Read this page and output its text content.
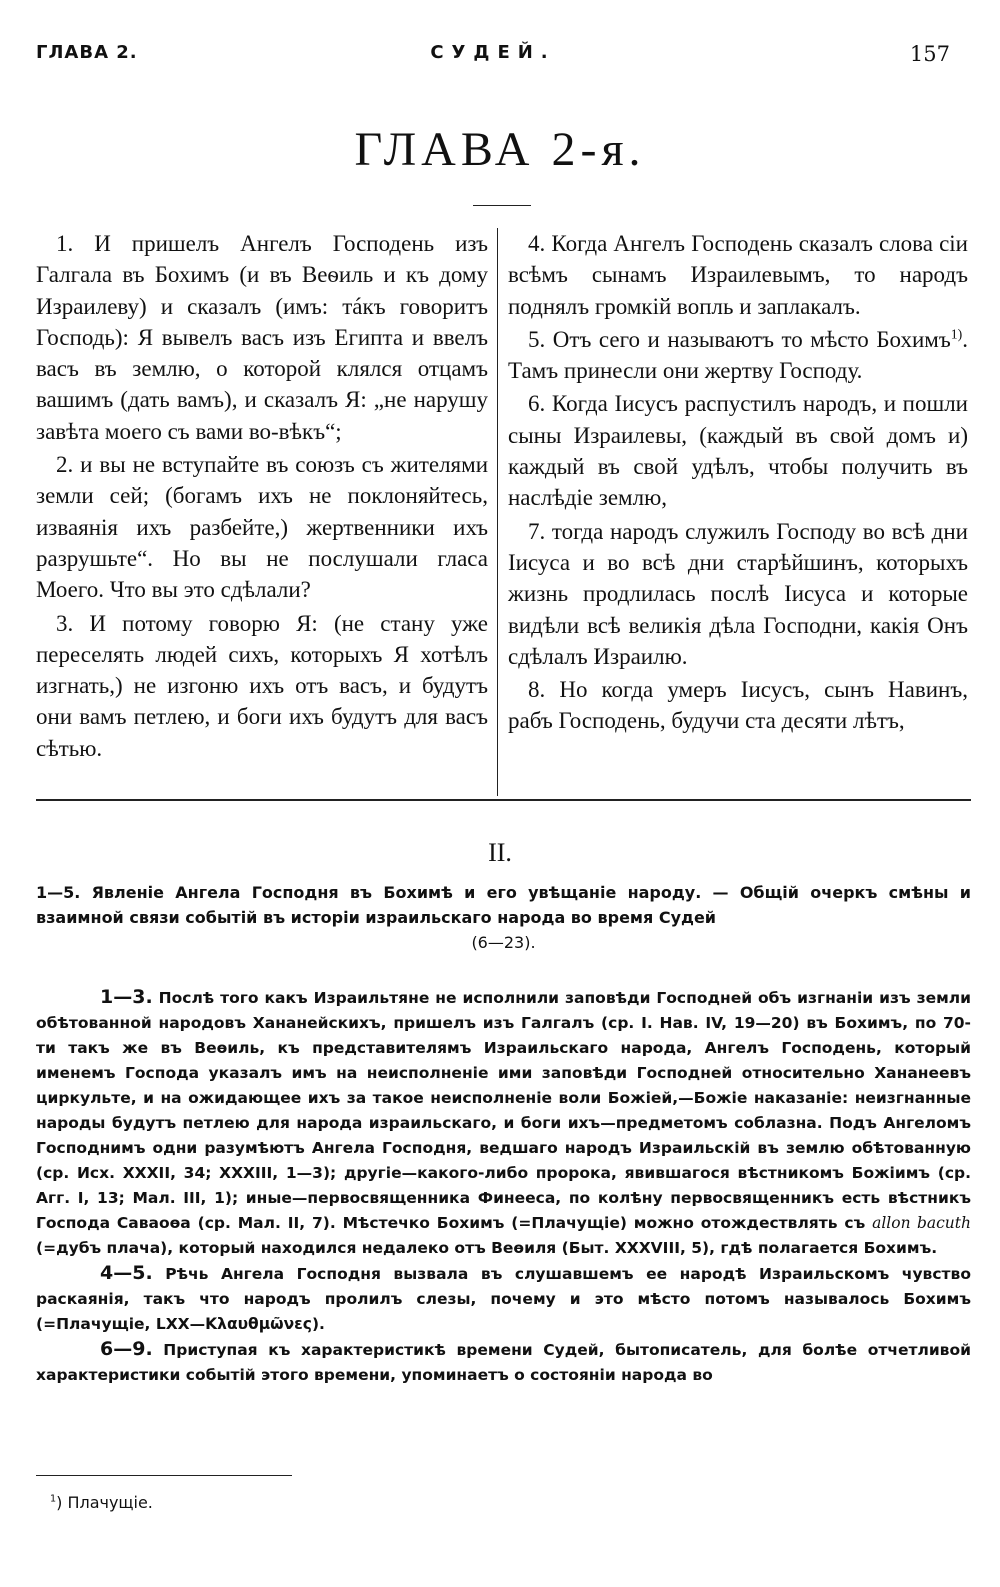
ГЛАВА 2.	СУДЕЙ.	157
ГЛАВА 2-я.

1. И пришелъ Ангелъ Господень изъ Галгала въ Бохимъ (и въ Веѳиль и къ дому Израилеву) и сказалъ (имъ: тáкъ говоритъ Господь): Я вывелъ васъ изъ Египта и ввелъ васъ въ землю, о которой клялся отцамъ вашимъ (дать вамъ), и сказалъ Я: „не нарушу завѣта моего съ вами во-вѣкъ“;

2. и вы не вступайте въ союзъ съ жителями земли сей; (богамъ ихъ не поклоняйтесь, изваянія ихъ разбейте,) жертвенники ихъ разрушьте“. Но вы не послушали гласа Моего. Что вы это сдѣлали?

3. И потому говорю Я: (не стану уже переселять людей сихъ, которыхъ Я хотѣлъ изгнать,) не изгоню ихъ отъ васъ, и будутъ они вамъ петлею, и боги ихъ будутъ для васъ сѣтью.

4. Когда Ангелъ Господень сказалъ слова сіи всѣмъ сынамъ Израилевымъ, то народъ поднялъ громкій вопль и заплакалъ.

5. Отъ сего и называютъ то мѣсто Бохимъ$^{1)}$. Тамъ принесли они жертву Господу.

6. Когда Іисусъ распустилъ народъ, и пошли сыны Израилевы, (каждый въ свой домъ и) каждый въ свой удѣлъ, чтобы получить въ наслѣдіе землю,

7. тогда народъ служилъ Господу во всѣ дни Іисуса и во всѣ дни старѣйшинъ, которыхъ жизнь продлилась послѣ Іисуса и которые видѣли всѣ великія дѣла Господни, какія Онъ сдѣлалъ Израилю.

8. Но когда умеръ Іисусъ, сынъ Навинъ, рабъ Господень, будучи ста десяти лѣтъ,

II.
1—5. Явленіе Ангела Господня въ Бохимѣ и его увѣщаніе народу. — Общій очеркъ смѣны и взаимной связи событій въ исторіи израильскаго народа во время Судей
(6—23).

1—3. Послѣ того какъ Израильтяне не исполнили заповѣди Господней объ изгнаніи изъ земли обѣтованной народовъ Хананейскихъ, пришелъ изъ Галгалъ (ср. I. Нав. IV, 19—20) въ Бохимъ, по 70-ти такъ же въ Веѳиль, къ представителямъ Израильскаго народа, Ангелъ Господень, который именемъ Господа указалъ имъ на неисполненіе ими заповѣди Господней относительно Хананеевъ циркульте, и на ожидающее ихъ за такое неисполненіе воли Божіей,—Божіе наказаніе: неизгнанные народы будутъ петлею для народа израильскаго, и боги ихъ—предметомъ соблазна. Подъ Ангеломъ Господнимъ одни разумѣютъ Ангела Господня, ведшаго народъ Израильскій въ землю обѣтованную (ср. Исх. XXXII, 34; XXXIII, 1—3); другіе—какого-либо пророка, явившагося вѣстникомъ Божіимъ (ср. Агг. I, 13; Мал. III, 1); иные—первосвященника Финееса, по колѣну первосвященникъ есть вѣстникъ Господа Саваоѳа (ср. Мал. II, 7). Мѣстечко Бохимъ (=Плачущіе) можно отождествлять съ allon bacuth (=дубъ плача), который находился недалеко отъ Веѳиля (Быт. XXXVIII, 5), гдѣ полагается Бохимъ.

4—5. Рѣчь Ангела Господня вызвала въ слушавшемъ ее народѣ Израильскомъ чувство раскаянія, такъ что народъ пролилъ слезы, почему и это мѣсто потомъ называлось Бохимъ (=Плачущіе, LXX—Κλαυθμῶνες).

6—9. Приступая къ характеристикѣ времени Судей, бытописатель, для болѣе отчетливой характеристики событій этого времени, упоминаетъ о состояніи народа во

$^1$) Плачущіе.
